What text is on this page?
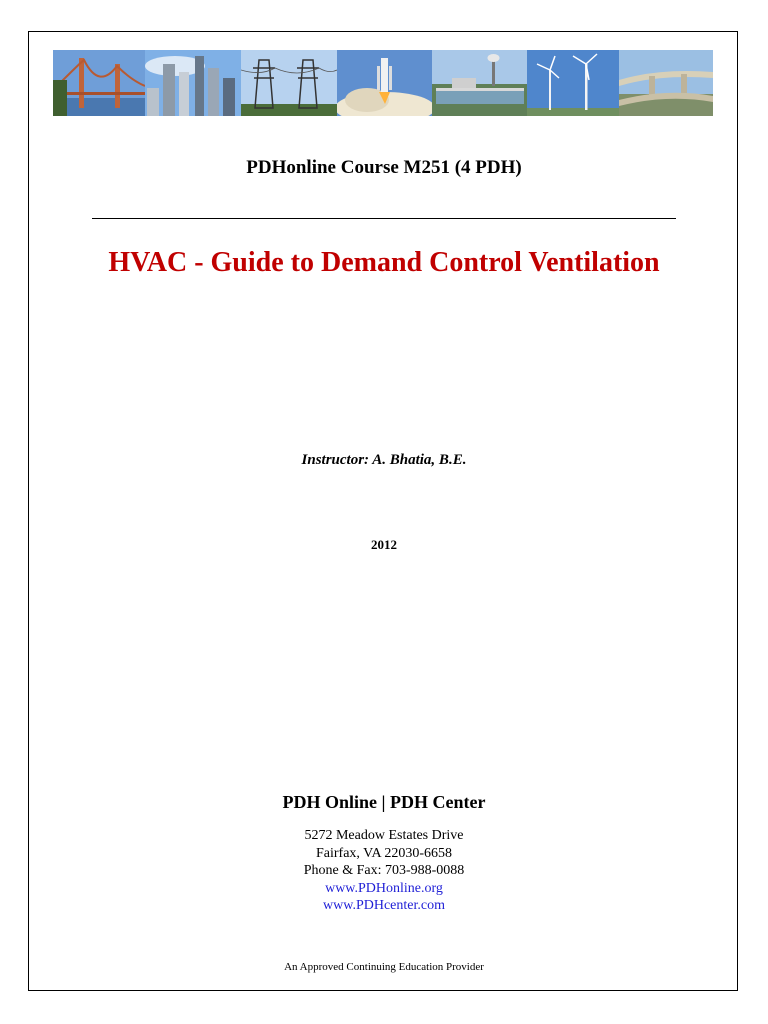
PDHonline Course M251 (4 PDH)
HVAC - Guide to Demand Control Ventilation
Instructor: A. Bhatia, B.E.
2012
PDH Online | PDH Center
5272 Meadow Estates Drive
Fairfax, VA 22030-6658
Phone & Fax: 703-988-0088
www.PDHonline.org
www.PDHcenter.com
An Approved Continuing Education Provider
